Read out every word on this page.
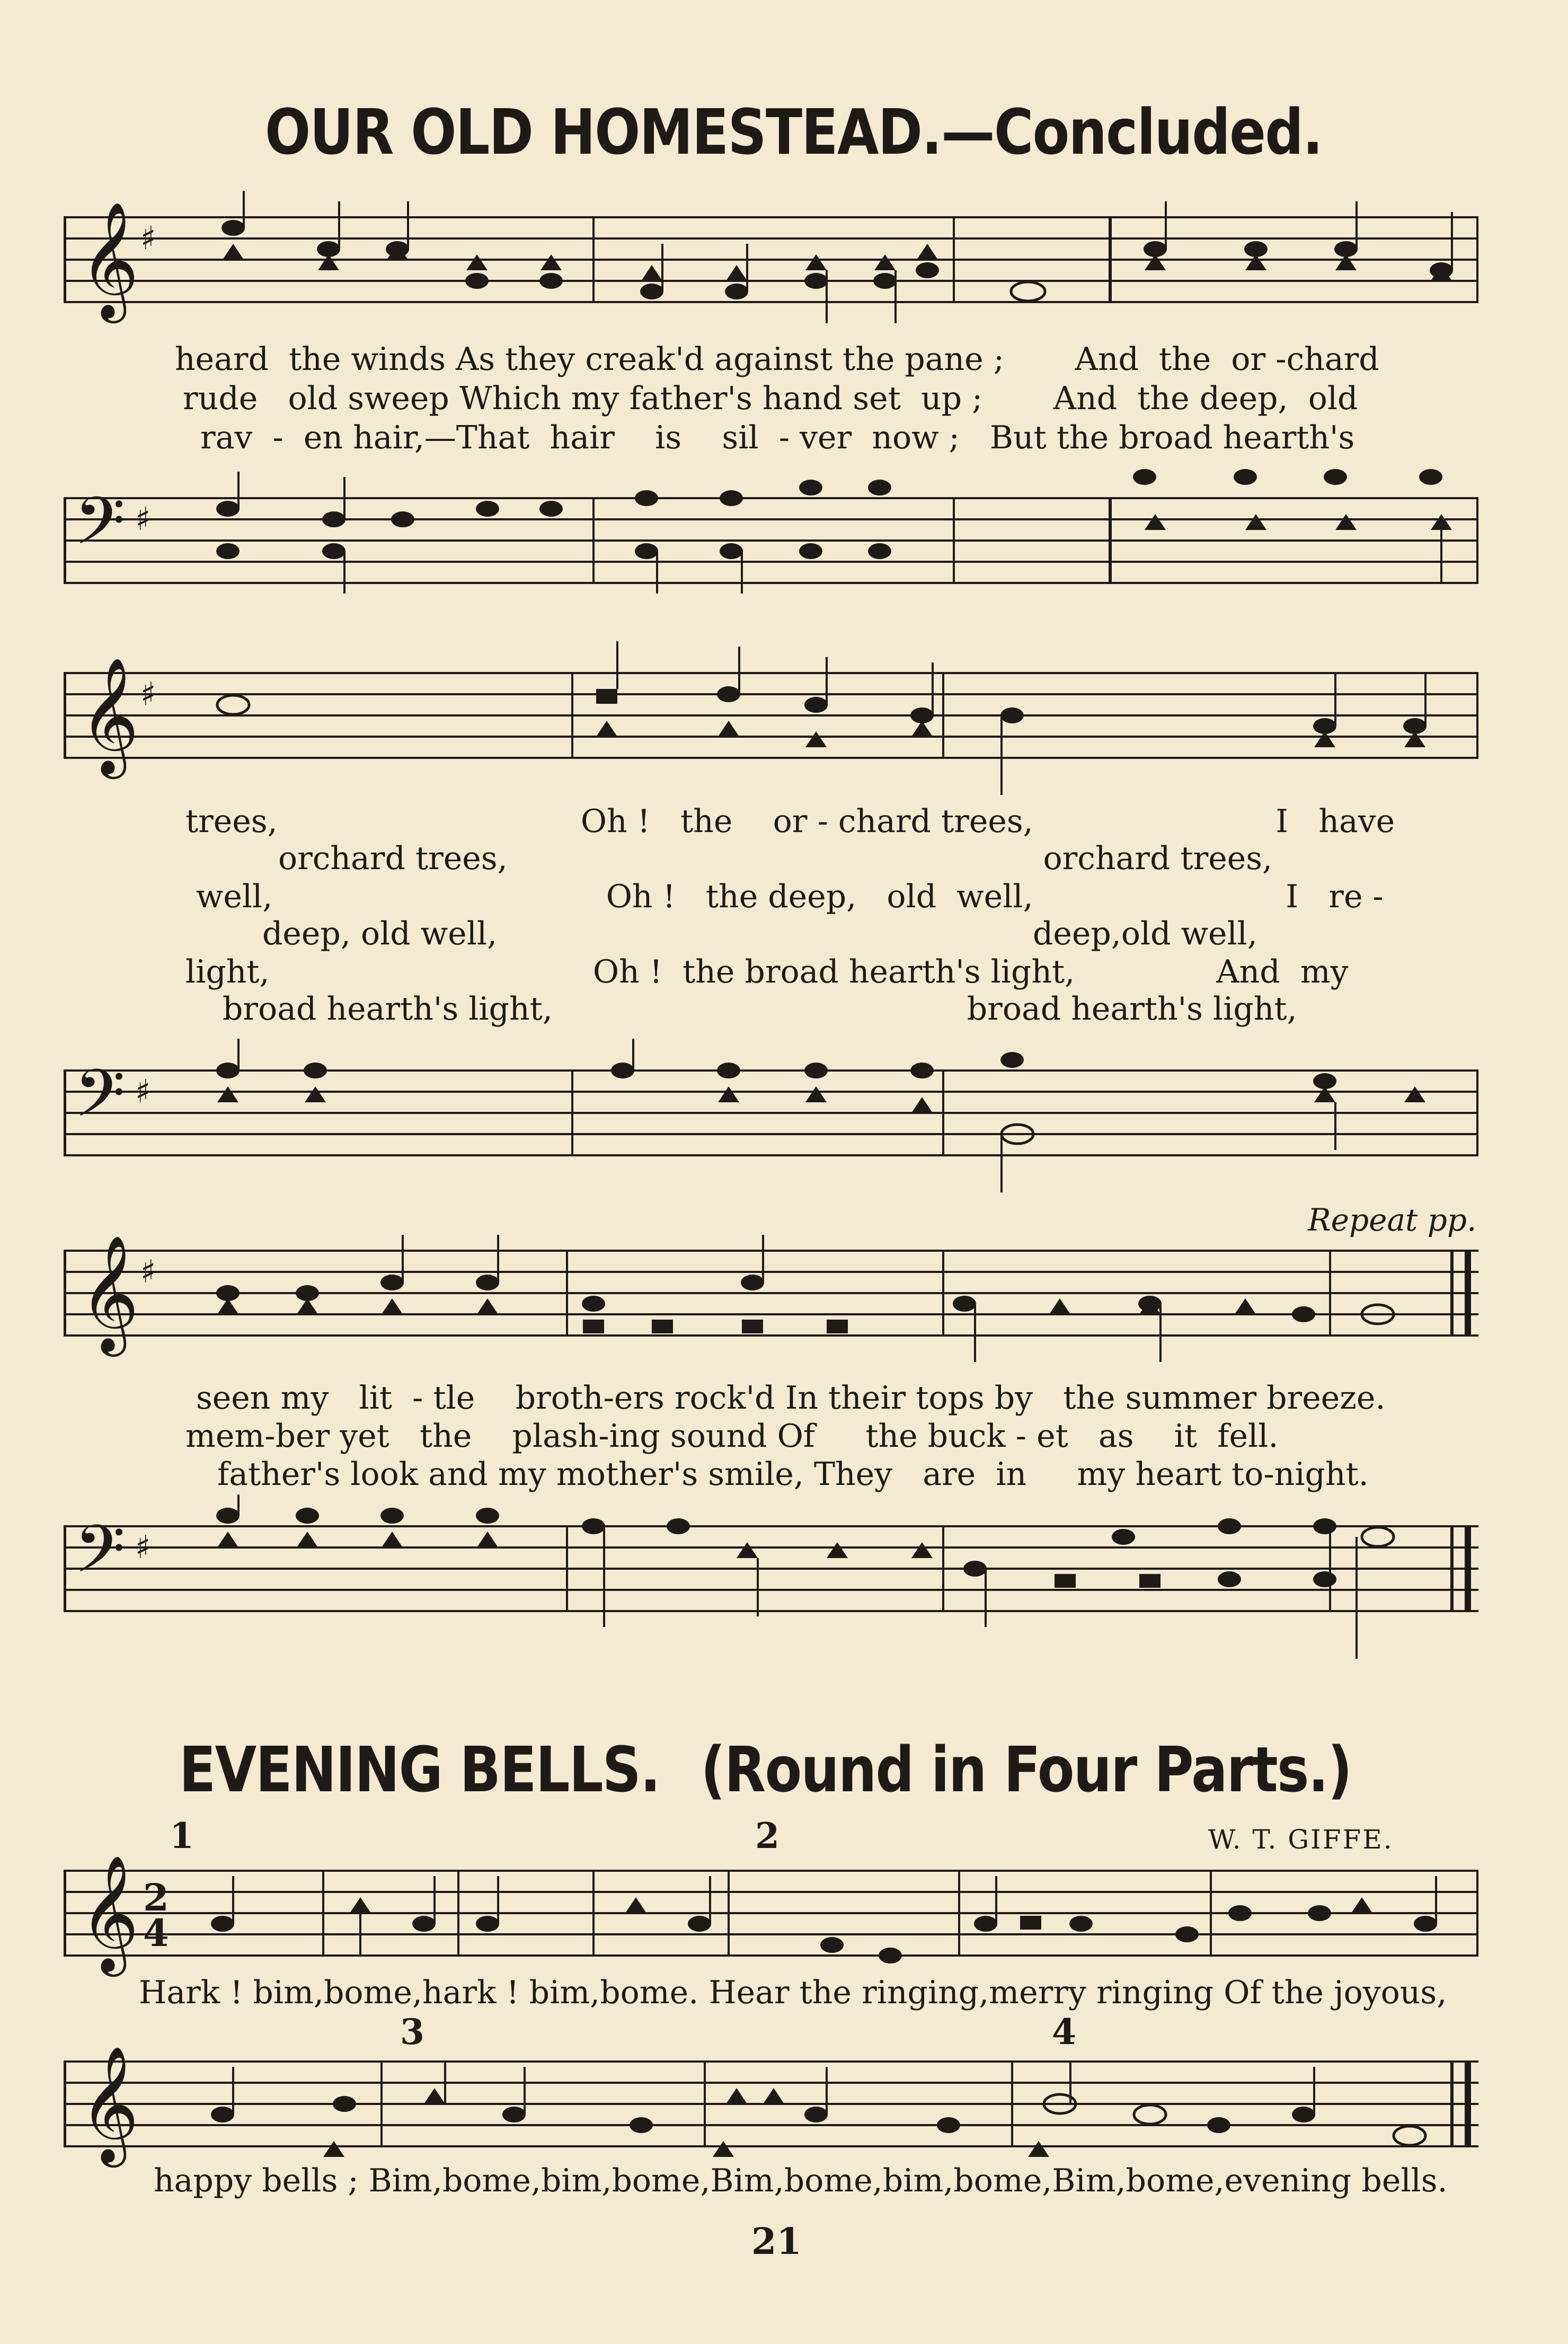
OUR OLD HOMESTEAD.—Concluded.
𝄞 ♯
heard  the winds As they creak'd against the pane ;       And  the  or -chard
rude   old sweep Which my father's hand set  up ;       And  the deep,  old
rav  -  en hair,—That  hair    is    sil  - ver  now ;   But the broad hearth's
𝄢 ♯
𝄞 ♯
trees,                              Oh !   the    or - chard trees,                        I   have
orchard trees,                                                     orchard trees,
well,                                 Oh !   the deep,   old  well,                         I   re -
deep, old well,                                                     deep,old well,
light,                                Oh !  the broad hearth's light,              And  my
broad hearth's light,                                         broad hearth's light,
𝄢 ♯
Repeat pp.
𝄞 ♯
seen my   lit  - tle    broth-ers rock'd In their tops by   the summer breeze.
mem-ber yet   the    plash-ing sound Of     the buck - et   as    it  fell.
father's look and my mother's smile, They   are  in     my heart to-night.
𝄢 ♯
EVENING BELLS. (Round in Four Parts.)
1	2	W. T. GIFFE.
𝄞 2
4
Hark ! bim,bome,hark ! bim,bome. Hear the ringing,merry ringing Of the joyous,
3	4
𝄞
happy bells ; Bim,bome,bim,bome,Bim,bome,bim,bome,Bim,bome,evening bells.
21
